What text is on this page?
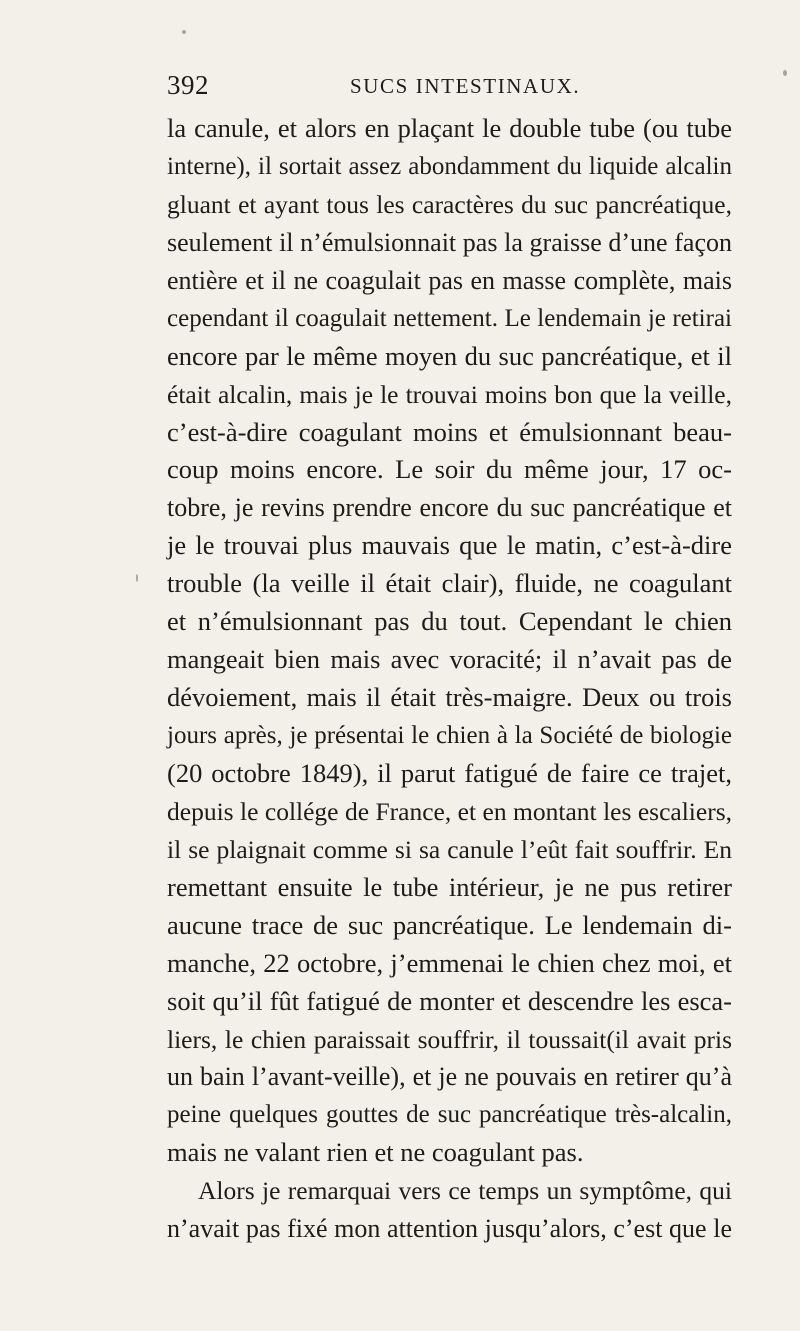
392	SUCS INTESTINAUX.
la canule, et alors en plaçant le double tube (ou tube
interne), il sortait assez abondamment du liquide alcalin
gluant et ayant tous les caractères du suc pancréatique,
seulement il n’émulsionnait pas la graisse d’une façon
entière et il ne coagulait pas en masse complète, mais
cependant il coagulait nettement. Le lendemain je retirai
encore par le même moyen du suc pancréatique, et il
était alcalin, mais je le trouvai moins bon que la veille,
c’est-à-dire coagulant moins et émulsionnant beau-
coup moins encore. Le soir du même jour, 17 oc-
tobre, je revins prendre encore du suc pancréatique et
je le trouvai plus mauvais que le matin, c’est-à-dire
trouble (la veille il était clair), fluide, ne coagulant
et n’émulsionnant pas du tout. Cependant le chien
mangeait bien mais avec voracité; il n’avait pas de
dévoiement, mais il était très-maigre. Deux ou trois
jours après, je présentai le chien à la Société de biologie
(20 octobre 1849), il parut fatigué de faire ce trajet,
depuis le collége de France, et en montant les escaliers,
il se plaignait comme si sa canule l’eût fait souffrir. En
remettant ensuite le tube intérieur, je ne pus retirer
aucune trace de suc pancréatique. Le lendemain di-
manche, 22 octobre, j’emmenai le chien chez moi, et
soit qu’il fût fatigué de monter et descendre les esca-
liers, le chien paraissait souffrir, il toussait(il avait pris
un bain l’avant-veille), et je ne pouvais en retirer qu’à
peine quelques gouttes de suc pancréatique très-alcalin,
mais ne valant rien et ne coagulant pas.
Alors je remarquai vers ce temps un symptôme, qui
n’avait pas fixé mon attention jusqu’alors, c’est que le
